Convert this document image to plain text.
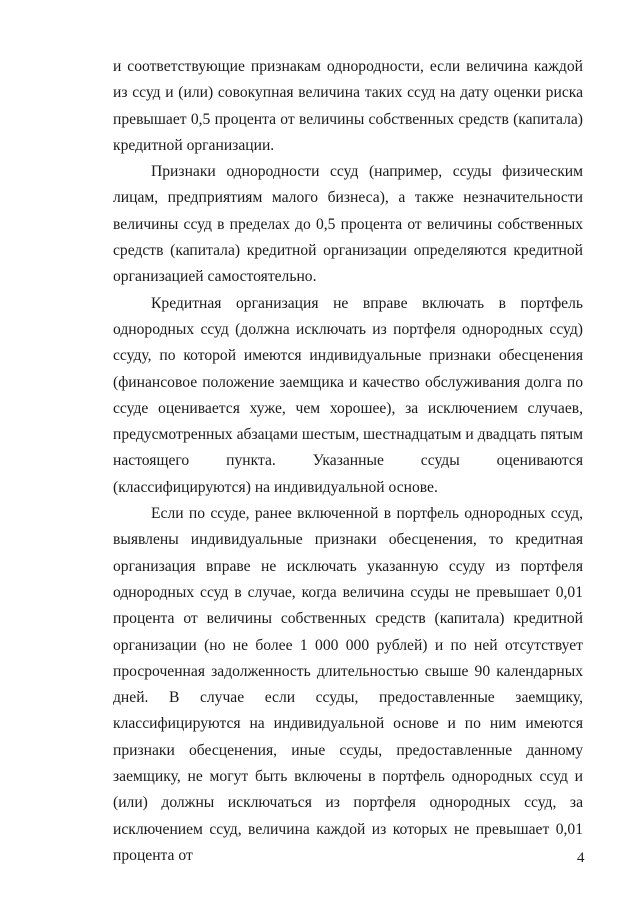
и соответствующие признакам однородности, если величина каждой из ссуд и (или) совокупная величина таких ссуд на дату оценки риска превышает 0,5 процента от величины собственных средств (капитала) кредитной организации.

Признаки однородности ссуд (например, ссуды физическим лицам, предприятиям малого бизнеса), а также незначительности величины ссуд в пределах до 0,5 процента от величины собственных средств (капитала) кредитной организации определяются кредитной организацией самостоятельно.

Кредитная организация не вправе включать в портфель однородных ссуд (должна исключать из портфеля однородных ссуд) ссуду, по которой имеются индивидуальные признаки обесценения (финансовое положение заемщика и качество обслуживания долга по ссуде оценивается хуже, чем хорошее), за исключением случаев, предусмотренных абзацами шестым, шестнадцатым и двадцать пятым настоящего пункта. Указанные ссуды оцениваются (классифицируются) на индивидуальной основе.

Если по ссуде, ранее включенной в портфель однородных ссуд, выявлены индивидуальные признаки обесценения, то кредитная организация вправе не исключать указанную ссуду из портфеля однородных ссуд в случае, когда величина ссуды не превышает 0,01 процента от величины собственных средств (капитала) кредитной организации (но не более 1 000 000 рублей) и по ней отсутствует просроченная задолженность длительностью свыше 90 календарных дней. В случае если ссуды, предоставленные заемщику, классифицируются на индивидуальной основе и по ним имеются признаки обесценения, иные ссуды, предоставленные данному заемщику, не могут быть включены в портфель однородных ссуд и (или) должны исключаться из портфеля однородных ссуд, за исключением ссуд, величина каждой из которых не превышает 0,01 процента от	4
